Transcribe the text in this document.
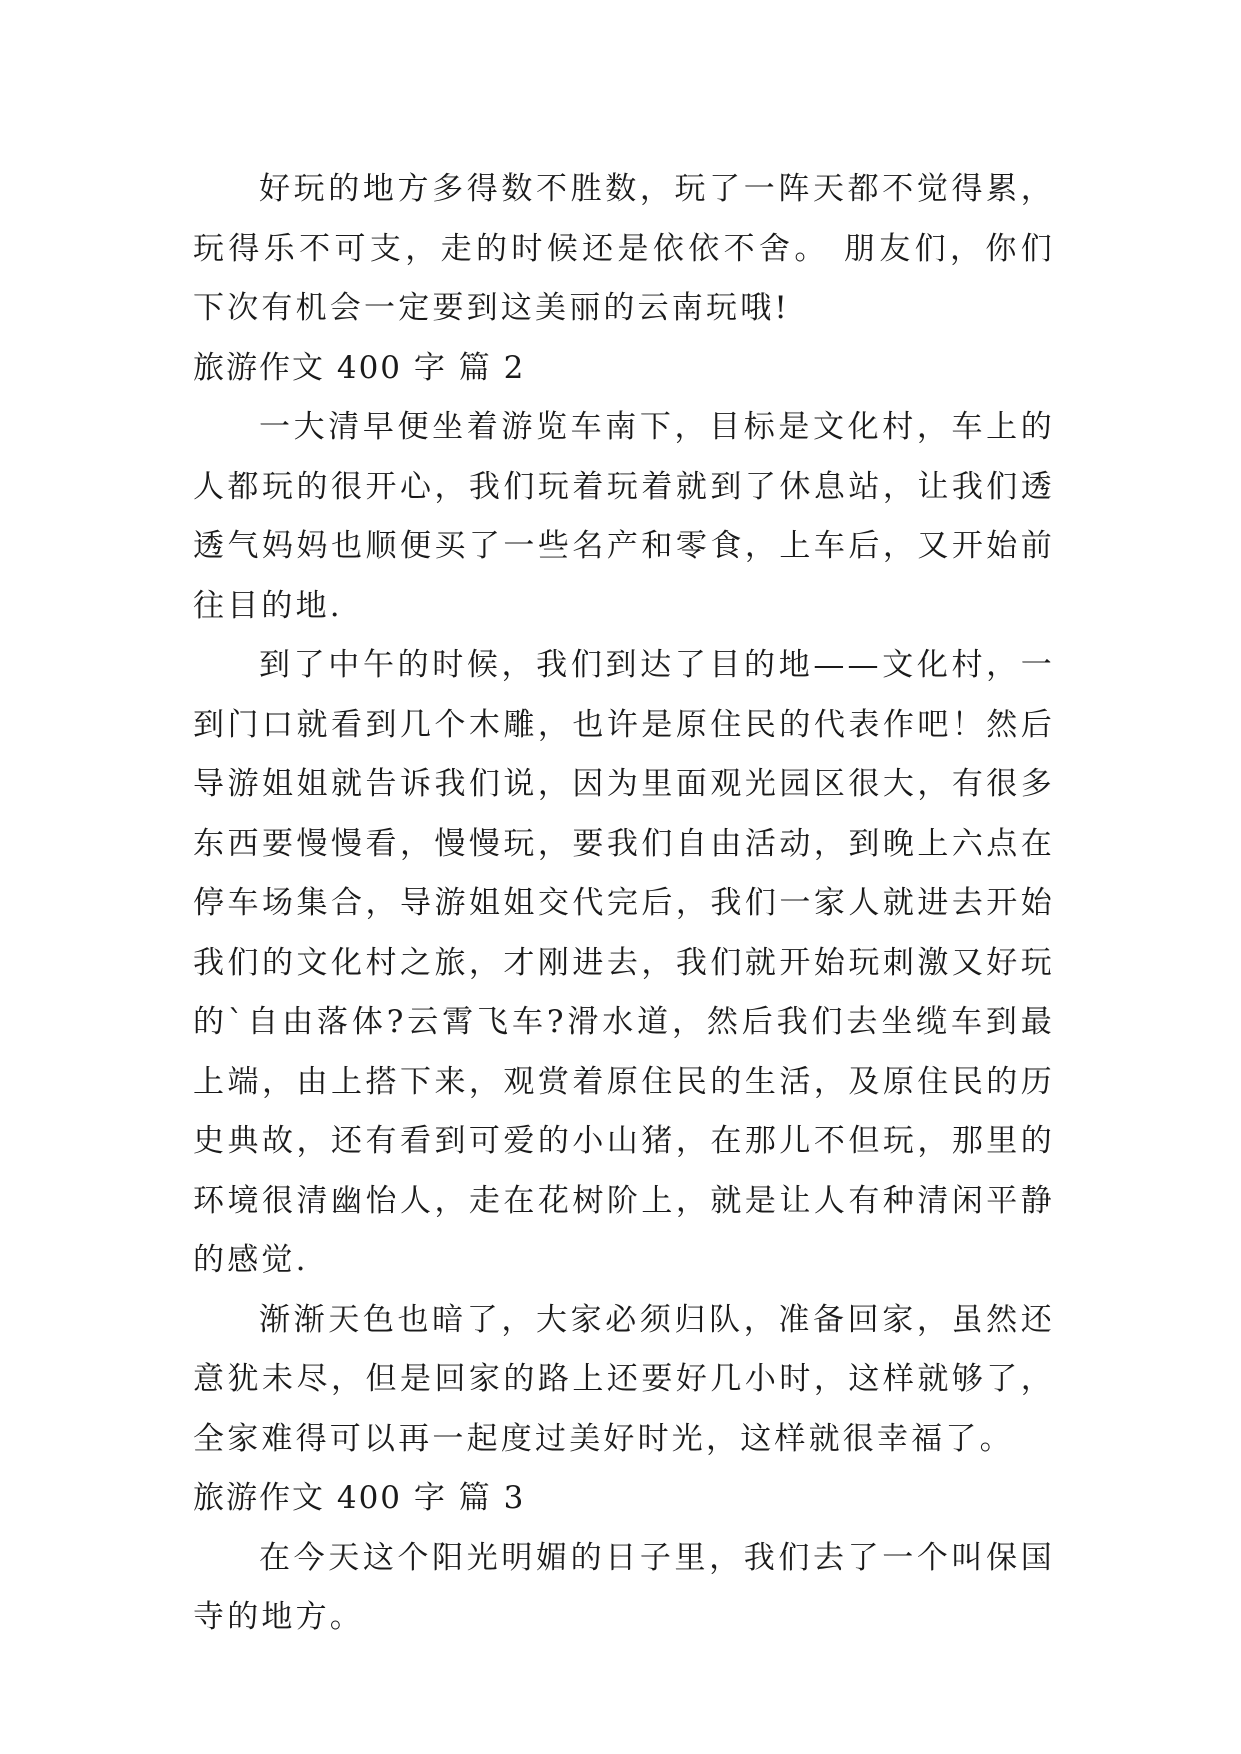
好玩的地方多得数不胜数，玩了一阵天都不觉得累，玩得乐不可支，走的时候还是依依不舍。 朋友们，你们下次有机会一定要到这美丽的云南玩哦!

旅游作文 400 字 篇 2

一大清早便坐着游览车南下，目标是文化村，车上的人都玩的很开心，我们玩着玩着就到了休息站，让我们透透气妈妈也顺便买了一些名产和零食，上车后，又开始前往目的地.

到了中午的时候，我们到达了目的地——文化村，一到门口就看到几个木雕，也许是原住民的代表作吧！然后导游姐姐就告诉我们说，因为里面观光园区很大，有很多东西要慢慢看，慢慢玩，要我们自由活动，到晚上六点在停车场集合，导游姐姐交代完后，我们一家人就进去开始我们的文化村之旅，才刚进去，我们就开始玩刺激又好玩的`自由落体?云霄飞车?滑水道，然后我们去坐缆车到最上端，由上搭下来，观赏着原住民的生活，及原住民的历史典故，还有看到可爱的小山猪，在那儿不但玩，那里的环境很清幽怡人，走在花树阶上，就是让人有种清闲平静的感觉.

渐渐天色也暗了，大家必须归队，准备回家，虽然还意犹未尽，但是回家的路上还要好几小时，这样就够了，全家难得可以再一起度过美好时光，这样就很幸福了。

旅游作文 400 字 篇 3

在今天这个阳光明媚的日子里，我们去了一个叫保国寺的地方。
